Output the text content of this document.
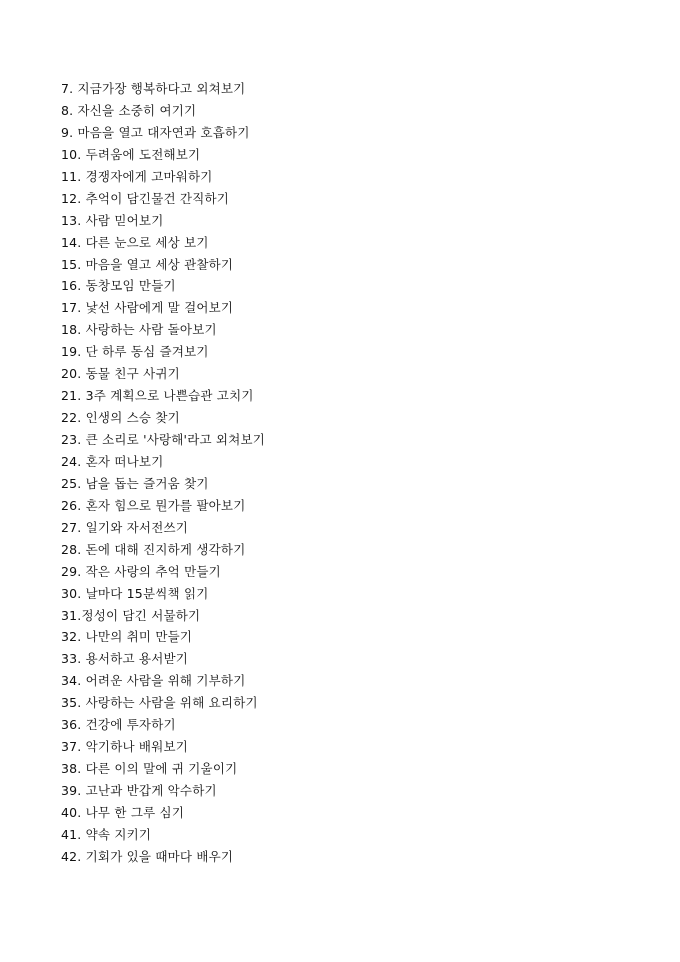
7. 지금가장 행복하다고 외쳐보기
8. 자신을 소중히 여기기
9. 마음을 열고 대자연과 호흡하기
10. 두려움에 도전해보기
11. 경쟁자에게 고마워하기
12. 추억이 담긴물건 간직하기
13. 사람 믿어보기
14. 다른 눈으로 세상 보기
15. 마음을 열고 세상 관찰하기
16. 동창모임 만들기
17. 낯선 사람에게 말 걸어보기
18. 사랑하는 사람 돌아보기
19. 단 하루 동심 즐겨보기
20. 동물 친구 사귀기
21. 3주 계획으로 나쁜습관 고치기
22. 인생의 스승 찾기
23. 큰 소리로 '사랑해'라고 외쳐보기
24. 혼자 떠나보기
25. 남을 돕는 즐거움 찾기
26. 혼자 힘으로 뭔가를 팔아보기
27. 일기와 자서전쓰기
28. 돈에 대해 진지하게 생각하기
29. 작은 사랑의 추억 만들기
30. 날마다 15분씩책 읽기
31.정성이 담긴 서물하기
32. 나만의 취미 만들기
33. 용서하고 용서받기
34. 어려운 사람을 위해 기부하기
35. 사랑하는 사람을 위해 요리하기
36. 건강에 투자하기
37. 악기하나 배워보기
38. 다른 이의 말에 귀 기울이기
39. 고난과 반갑게 악수하기
40. 나무 한 그루 심기
41. 약속 지키기
42. 기회가 있을 때마다 배우기
